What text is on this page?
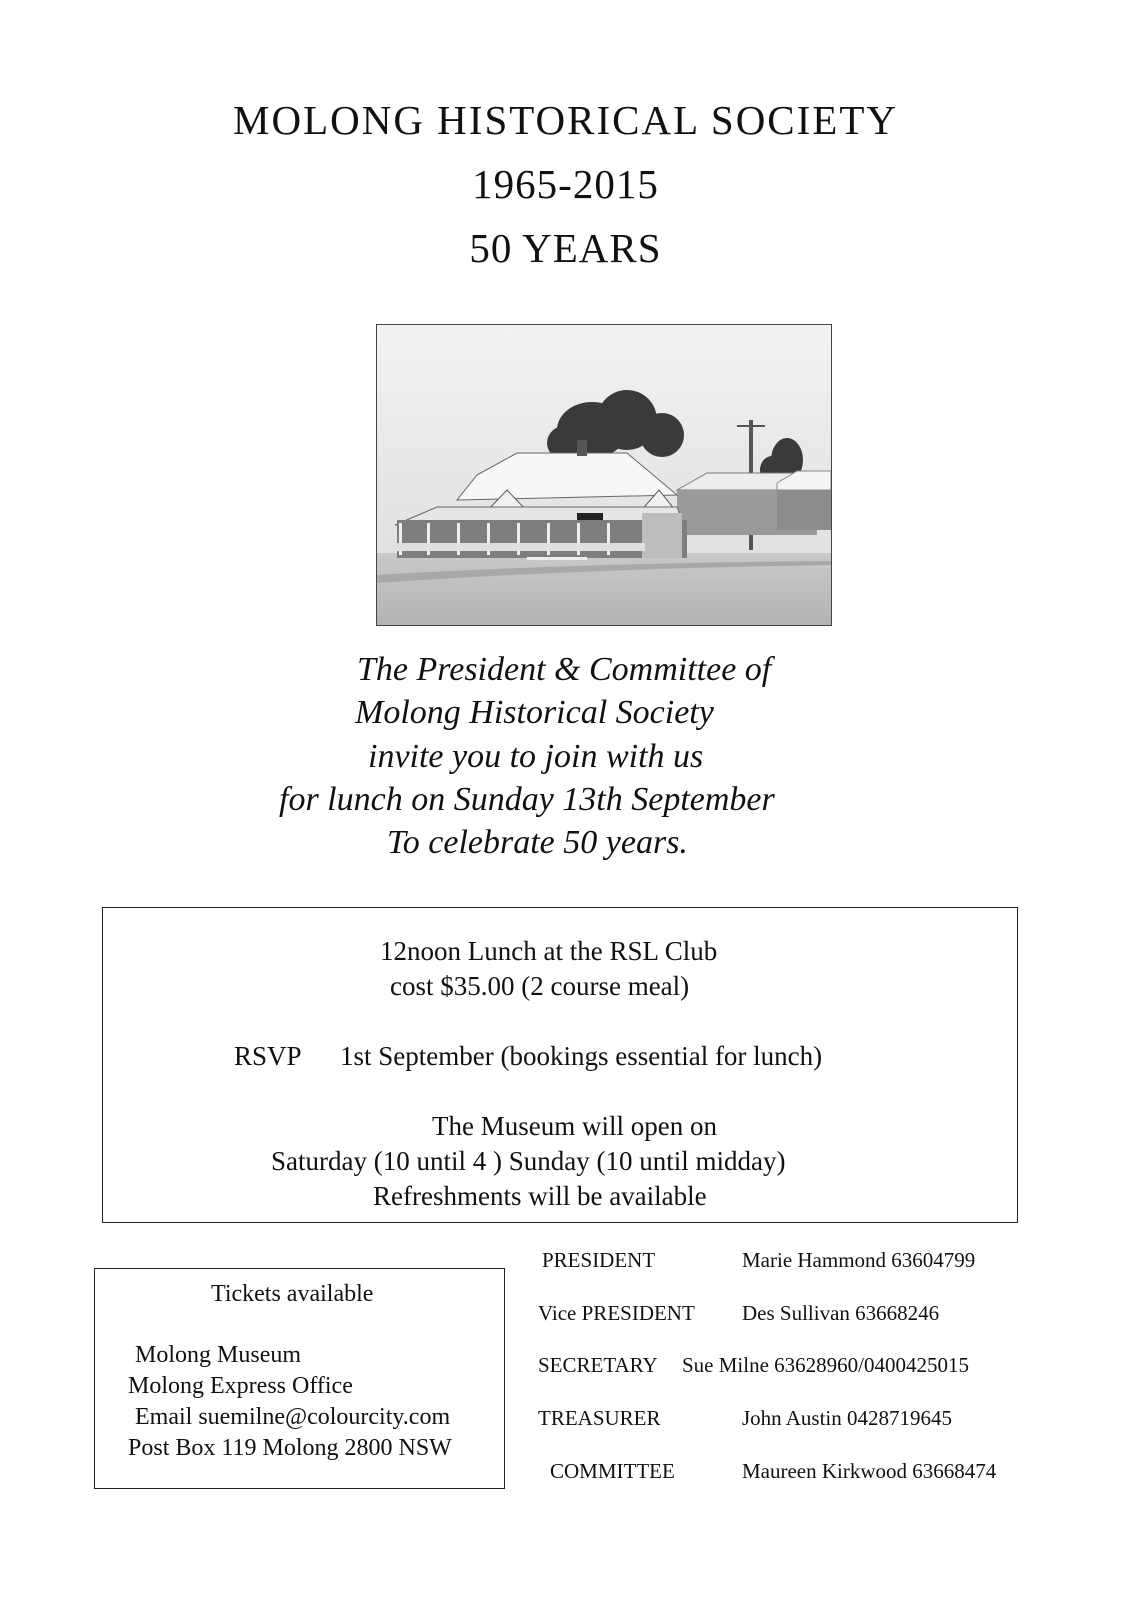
MOLONG HISTORICAL SOCIETY
1965-2015
50 YEARS
The President & Committee of
Molong Historical Society
invite you to join with us
for lunch on Sunday 13th September
To celebrate 50 years.
12noon Lunch at the RSL Club
cost $35.00 (2 course meal)
RSVP 1st September (bookings essential for lunch)
The Museum will open on
Saturday (10 until 4 ) Sunday (10 until midday)
Refreshments will be available
Tickets available
Molong Museum
Molong Express Office
Email suemilne@colourcity.com
Post Box 119 Molong 2800 NSW
PRESIDENT	Marie Hammond 63604799
Vice PRESIDENT Des Sullivan 63668246
SECRETARY Sue Milne 63628960/0400425015
TREASURER	John Austin 0428719645
COMMITTEE	Maureen Kirkwood 63668474
